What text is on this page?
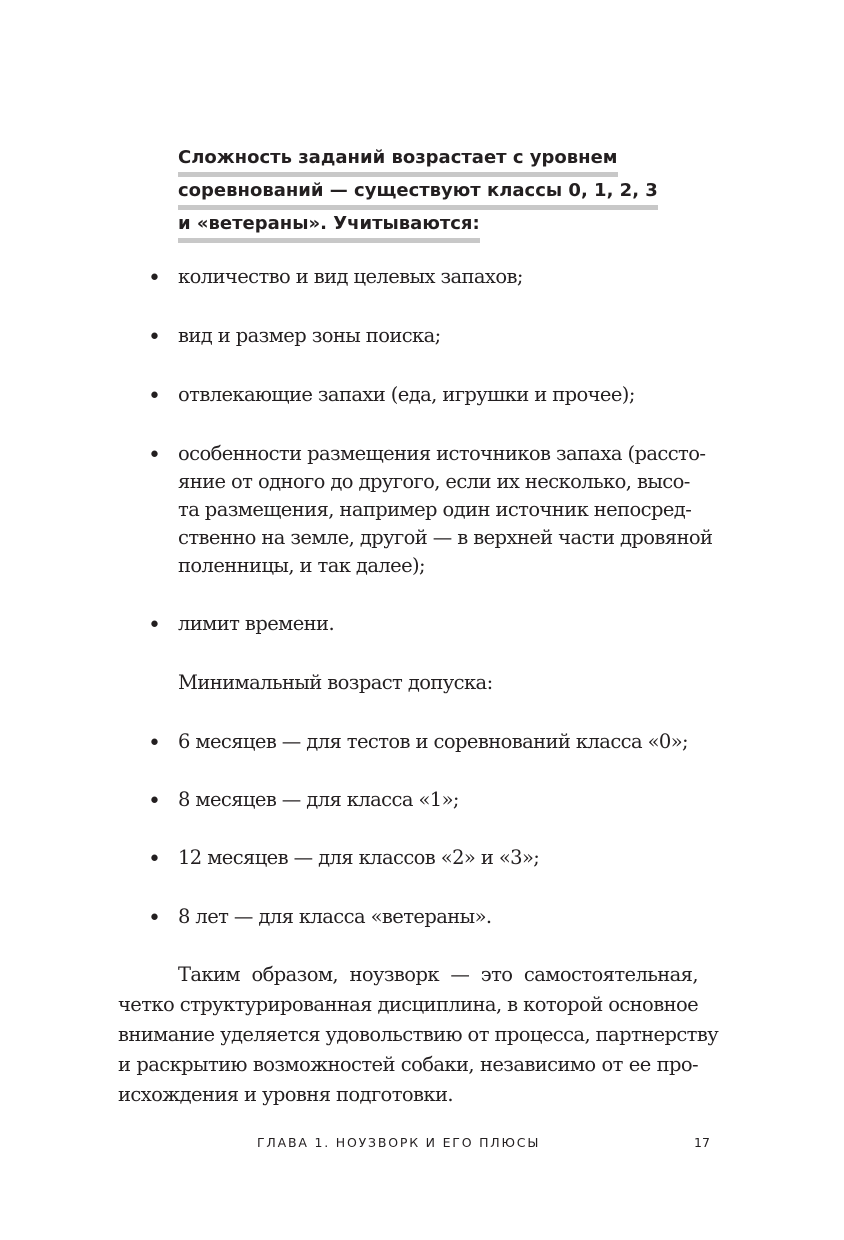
Сложность заданий возрастает с уровнем
соревнований — существуют классы 0, 1, 2, 3
и «ветераны». Учитываются:
• количество и вид целевых запахов;
• вид и размер зоны поиска;
• отвлекающие запахи (еда, игрушки и прочее);
• особенности размещения источников запаха (рассто-
яние от одного до другого, если их несколько, высо-
та размещения, например один источник непосред-
ственно на земле, другой — в верхней части дровяной
поленницы, и так далее);
• лимит времени.
Минимальный возраст допуска:
• 6 месяцев — для тестов и соревнований класса «0»;
• 8 месяцев — для класса «1»;
• 12 месяцев — для классов «2» и «3»;
• 8 лет — для класса «ветераны».
Таким образом, ноузворк — это самостоятельная,
четко структурированная дисциплина, в которой основное
внимание уделяется удовольствию от процесса, партнерству
и раскрытию возможностей собаки, независимо от ее про-
исхождения и уровня подготовки.
ГЛАВА 1. НОУЗВОРК И ЕГО ПЛЮСЫ	17
